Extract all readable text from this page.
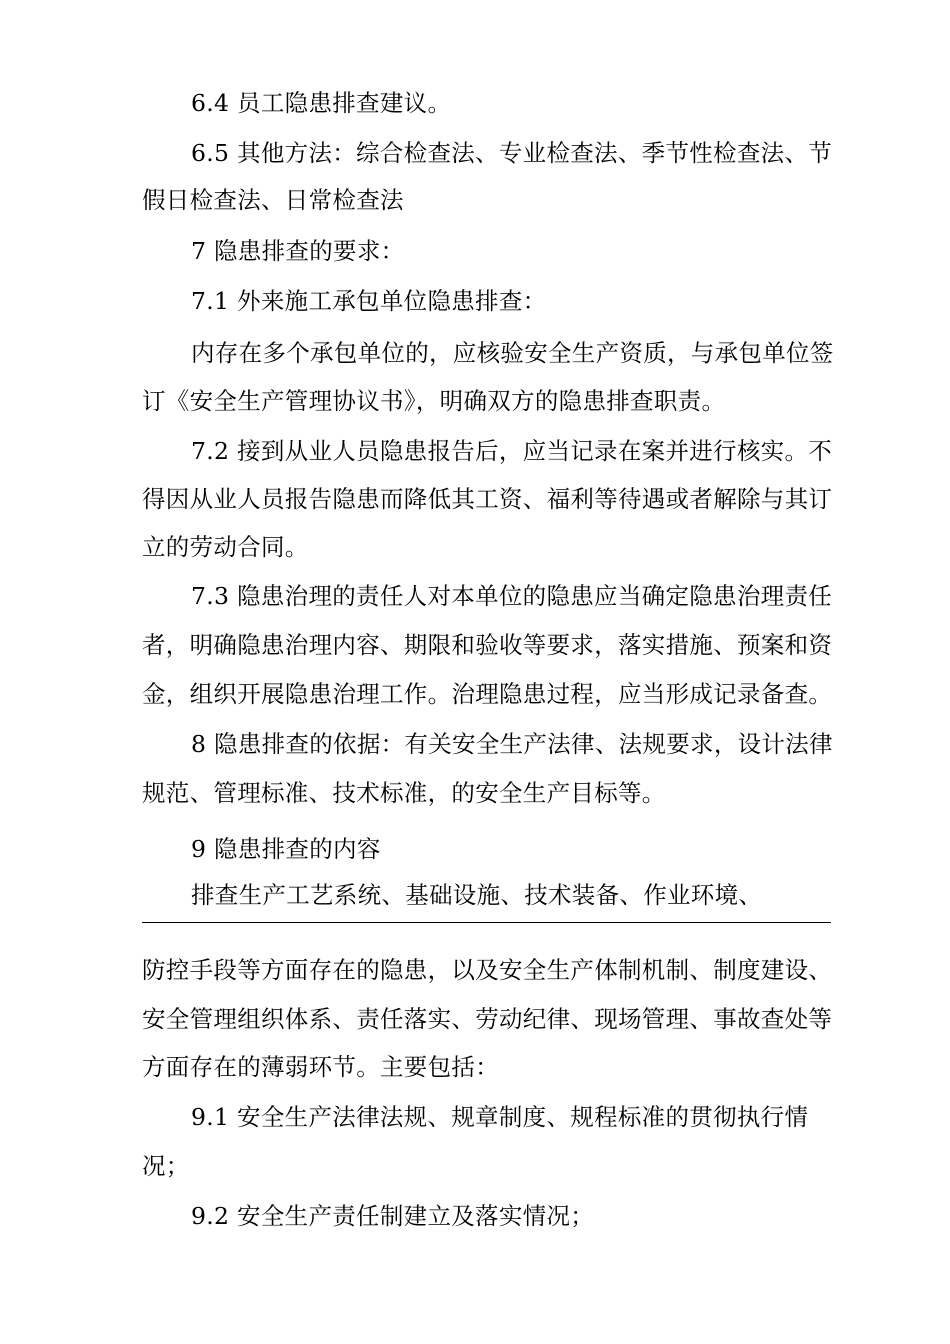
6.4 员工隐患排查建议。
6.5 其他方法：综合检查法、专业检查法、季节性检查法、节
假日检查法、日常检查法
7 隐患排查的要求：
7.1 外来施工承包单位隐患排查：
内存在多个承包单位的，应核验安全生产资质，与承包单位签
订《安全生产管理协议书》，明确双方的隐患排查职责。
7.2 接到从业人员隐患报告后，应当记录在案并进行核实。不
得因从业人员报告隐患而降低其工资、福利等待遇或者解除与其订
立的劳动合同。
7.3 隐患治理的责任人对本单位的隐患应当确定隐患治理责任
者，明确隐患治理内容、期限和验收等要求，落实措施、预案和资
金，组织开展隐患治理工作。治理隐患过程，应当形成记录备查。
8 隐患排查的依据：有关安全生产法律、法规要求，设计法律
规范、管理标准、技术标准，的安全生产目标等。
9 隐患排查的内容
排查生产工艺系统、基础设施、技术装备、作业环境、
防控手段等方面存在的隐患，以及安全生产体制机制、制度建设、
安全管理组织体系、责任落实、劳动纪律、现场管理、事故查处等
方面存在的薄弱环节。主要包括：
9.1 安全生产法律法规、规章制度、规程标准的贯彻执行情
况；
9.2 安全生产责任制建立及落实情况；
